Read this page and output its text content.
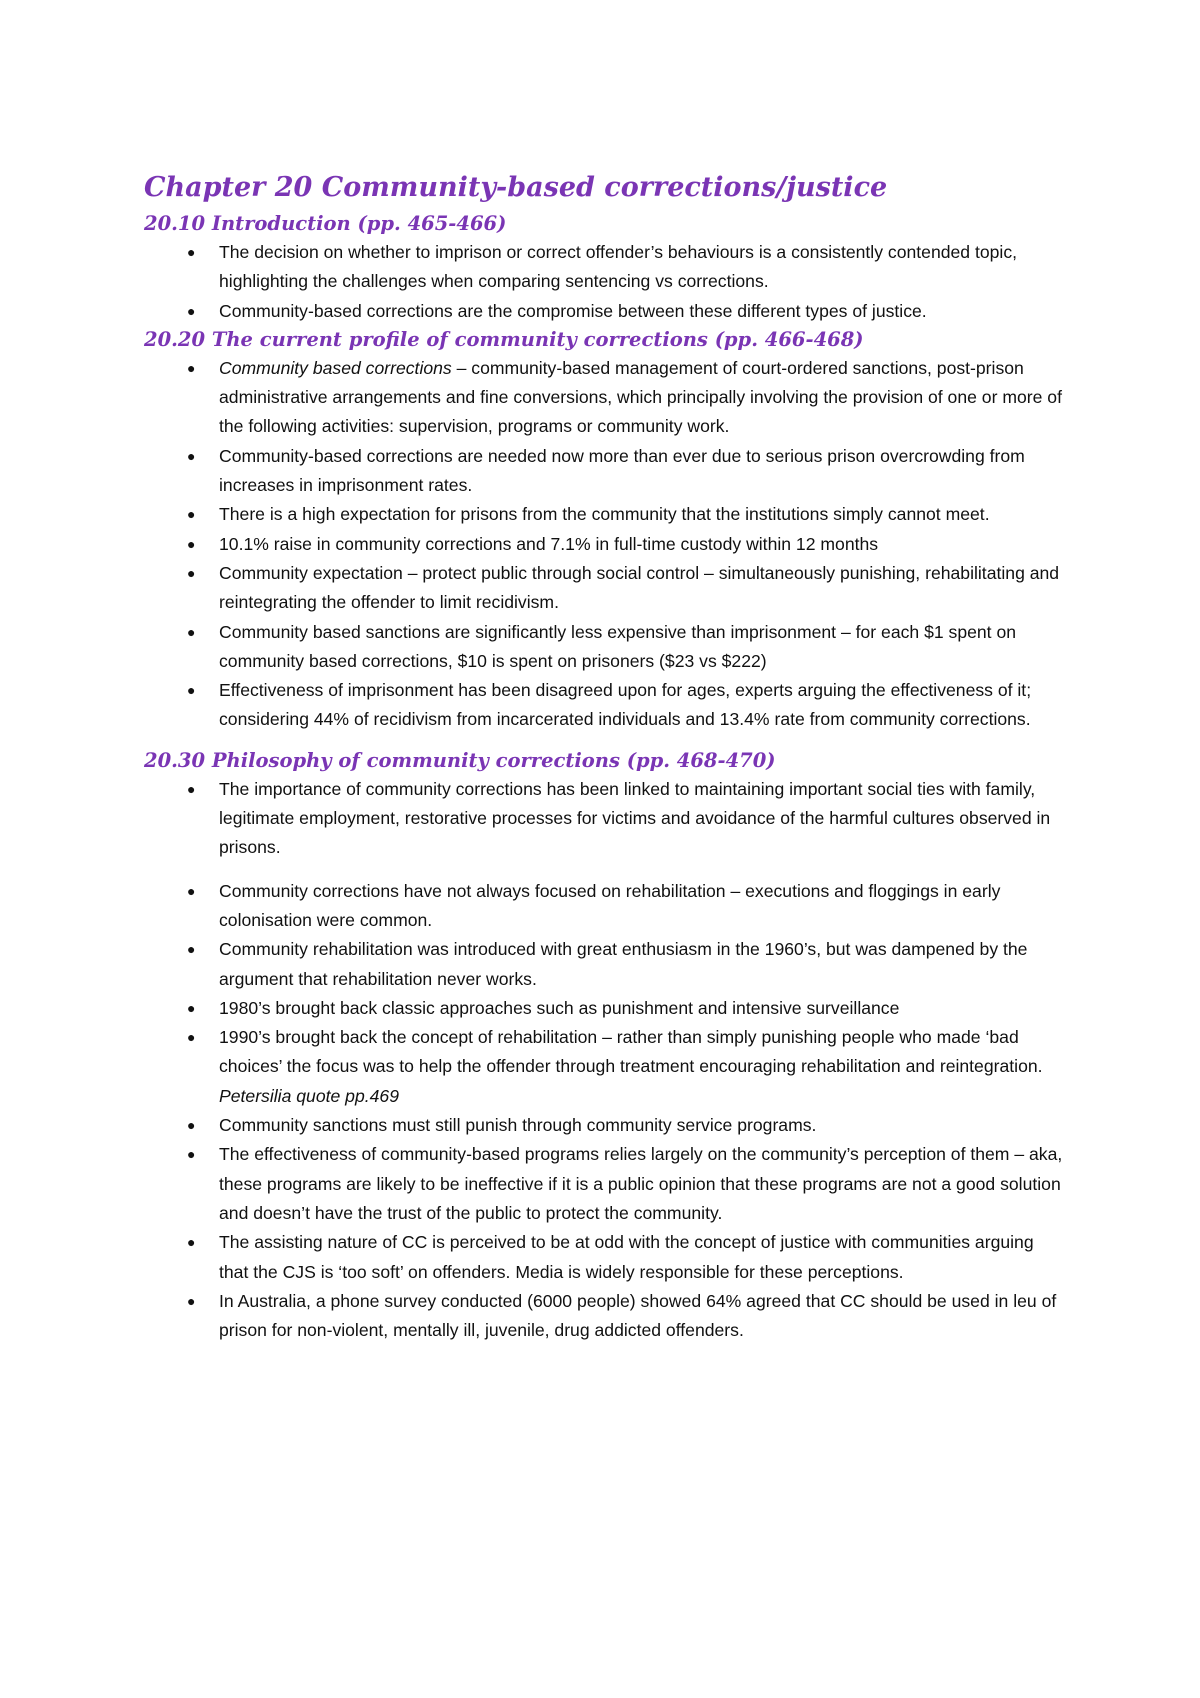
Chapter 20 Community-based corrections/justice
20.10 Introduction (pp. 465-466)
● The decision on whether to imprison or correct offender’s behaviours is a consistently contended topic, highlighting the challenges when comparing sentencing vs corrections.
● Community-based corrections are the compromise between these different types of justice.
20.20 The current profile of community corrections (pp. 466-468)
● Community based corrections – community-based management of court-ordered sanctions, post-prison administrative arrangements and fine conversions, which principally involving the provision of one or more of the following activities: supervision, programs or community work.
● Community-based corrections are needed now more than ever due to serious prison overcrowding from increases in imprisonment rates.
● There is a high expectation for prisons from the community that the institutions simply cannot meet.
● 10.1% raise in community corrections and 7.1% in full-time custody within 12 months
● Community expectation – protect public through social control – simultaneously punishing, rehabilitating and reintegrating the offender to limit recidivism.
● Community based sanctions are significantly less expensive than imprisonment – for each $1 spent on community based corrections, $10 is spent on prisoners ($23 vs $222)
● Effectiveness of imprisonment has been disagreed upon for ages, experts arguing the effectiveness of it; considering 44% of recidivism from incarcerated individuals and 13.4% rate from community corrections.
20.30 Philosophy of community corrections (pp. 468-470)
● The importance of community corrections has been linked to maintaining important social ties with family, legitimate employment, restorative processes for victims and avoidance of the harmful cultures observed in prisons.
● Community corrections have not always focused on rehabilitation – executions and floggings in early colonisation were common.
● Community rehabilitation was introduced with great enthusiasm in the 1960’s, but was dampened by the argument that rehabilitation never works.
● 1980’s brought back classic approaches such as punishment and intensive surveillance
● 1990’s brought back the concept of rehabilitation – rather than simply punishing people who made ‘bad choices’ the focus was to help the offender through treatment encouraging rehabilitation and reintegration. Petersilia quote pp.469
● Community sanctions must still punish through community service programs.
● The effectiveness of community-based programs relies largely on the community’s perception of them – aka, these programs are likely to be ineffective if it is a public opinion that these programs are not a good solution and doesn’t have the trust of the public to protect the community.
● The assisting nature of CC is perceived to be at odd with the concept of justice with communities arguing that the CJS is ‘too soft’ on offenders. Media is widely responsible for these perceptions.
● In Australia, a phone survey conducted (6000 people) showed 64% agreed that CC should be used in leu of prison for non-violent, mentally ill, juvenile, drug addicted offenders.
